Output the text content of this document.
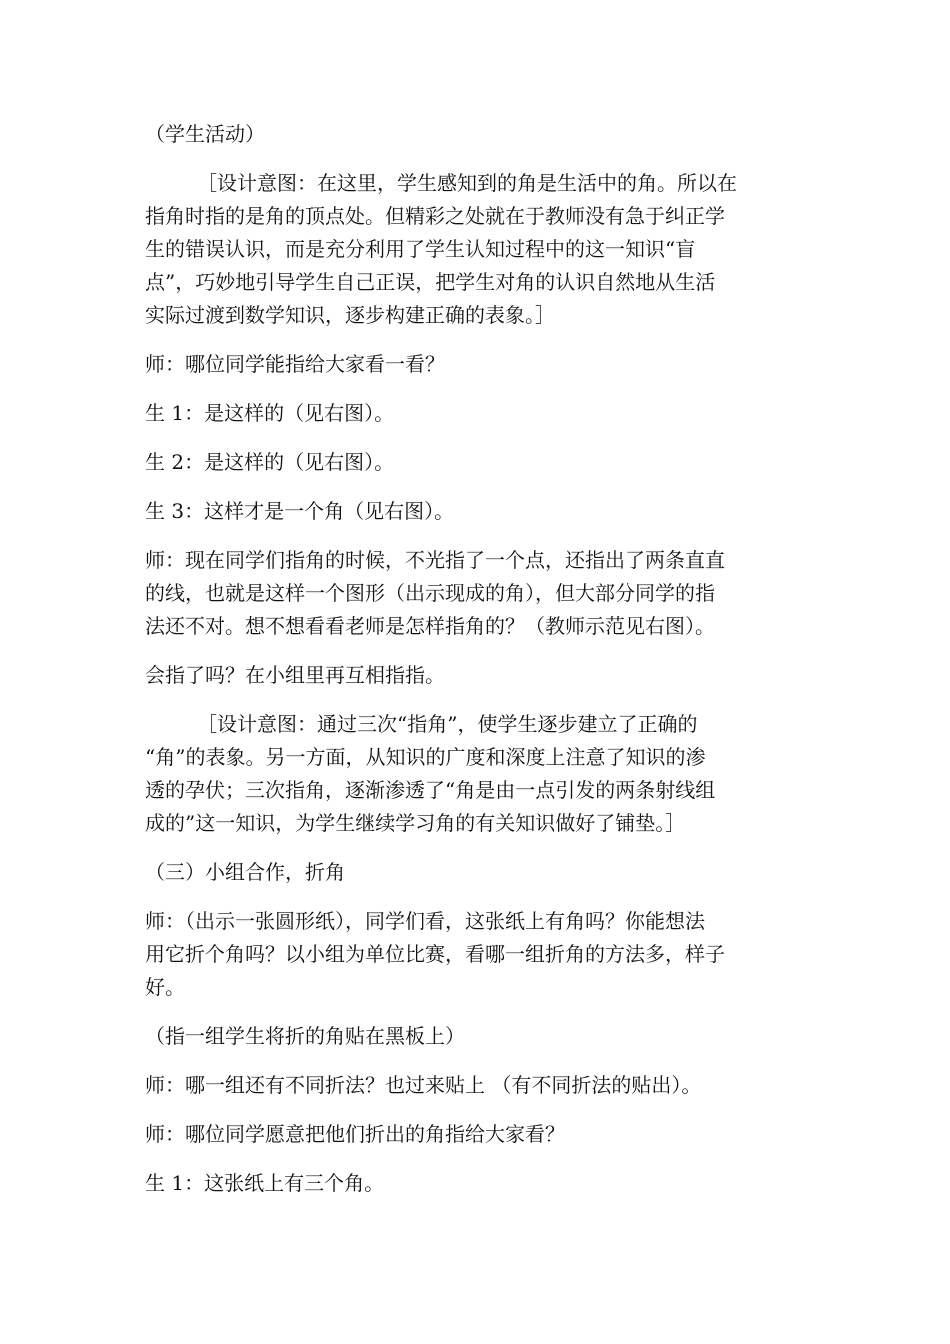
（学生活动）
［设计意图：在这里，学生感知到的角是生活中的角。所以在
指角时指的是角的顶点处。但精彩之处就在于教师没有急于纠正学
生的错误认识，而是充分利用了学生认知过程中的这一知识“盲
点”，巧妙地引导学生自己正误，把学生对角的认识自然地从生活
实际过渡到数学知识，逐步构建正确的表象。］
师：哪位同学能指给大家看一看？
生 1：是这样的（见右图）。
生 2：是这样的（见右图）。
生 3：这样才是一个角（见右图）。
师：现在同学们指角的时候，不光指了一个点，还指出了两条直直
的线，也就是这样一个图形（出示现成的角），但大部分同学的指
法还不对。想不想看看老师是怎样指角的？（教师示范见右图）。
会指了吗？在小组里再互相指指。
［设计意图：通过三次“指角”，使学生逐步建立了正确的
“角”的表象。另一方面，从知识的广度和深度上注意了知识的渗
透的孕伏；三次指角，逐渐渗透了“角是由一点引发的两条射线组
成的”这一知识，为学生继续学习角的有关知识做好了铺垫。］
（三）小组合作，折角
师：（出示一张圆形纸），同学们看，这张纸上有角吗？你能想法
用它折个角吗？以小组为单位比赛，看哪一组折角的方法多，样子
好。
（指一组学生将折的角贴在黑板上）
师：哪一组还有不同折法？也过来贴上 （有不同折法的贴出）。
师：哪位同学愿意把他们折出的角指给大家看？
生 1：这张纸上有三个角。
